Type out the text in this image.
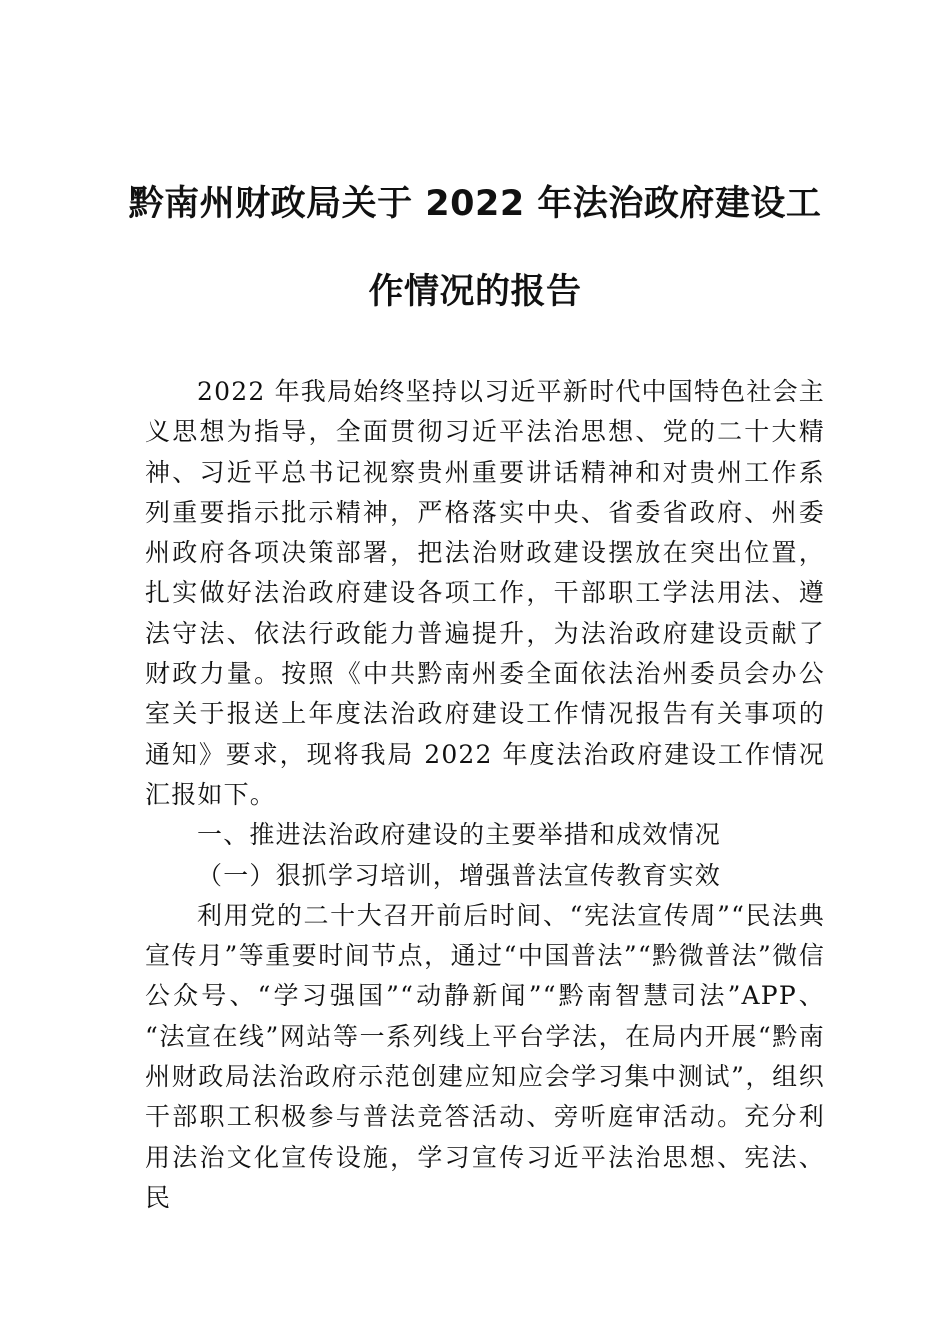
黔南州财政局关于 2022 年法治政府建设工
作情况的报告

2022 年我局始终坚持以习近平新时代中国特色社会主义思想为指导，全面贯彻习近平法治思想、党的二十大精神、习近平总书记视察贵州重要讲话精神和对贵州工作系列重要指示批示精神，严格落实中央、省委省政府、州委州政府各项决策部署，把法治财政建设摆放在突出位置，扎实做好法治政府建设各项工作，干部职工学法用法、遵法守法、依法行政能力普遍提升，为法治政府建设贡献了财政力量。按照《中共黔南州委全面依法治州委员会办公室关于报送上年度法治政府建设工作情况报告有关事项的通知》要求，现将我局 2022 年度法治政府建设工作情况汇报如下。

一、推进法治政府建设的主要举措和成效情况

（一）狠抓学习培训，增强普法宣传教育实效

利用党的二十大召开前后时间、“宪法宣传周”“民法典宣传月”等重要时间节点，通过“中国普法”“黔微普法”微信公众号、“学习强国”“动静新闻”“黔南智慧司法”APP、 “法宣在线”网站等一系列线上平台学法，在局内开展“黔南州财政局法治政府示范创建应知应会学习集中测试”，组织干部职工积极参与普法竞答活动、旁听庭审活动。充分利用法治文化宣传设施，学习宣传习近平法治思想、宪法、民
